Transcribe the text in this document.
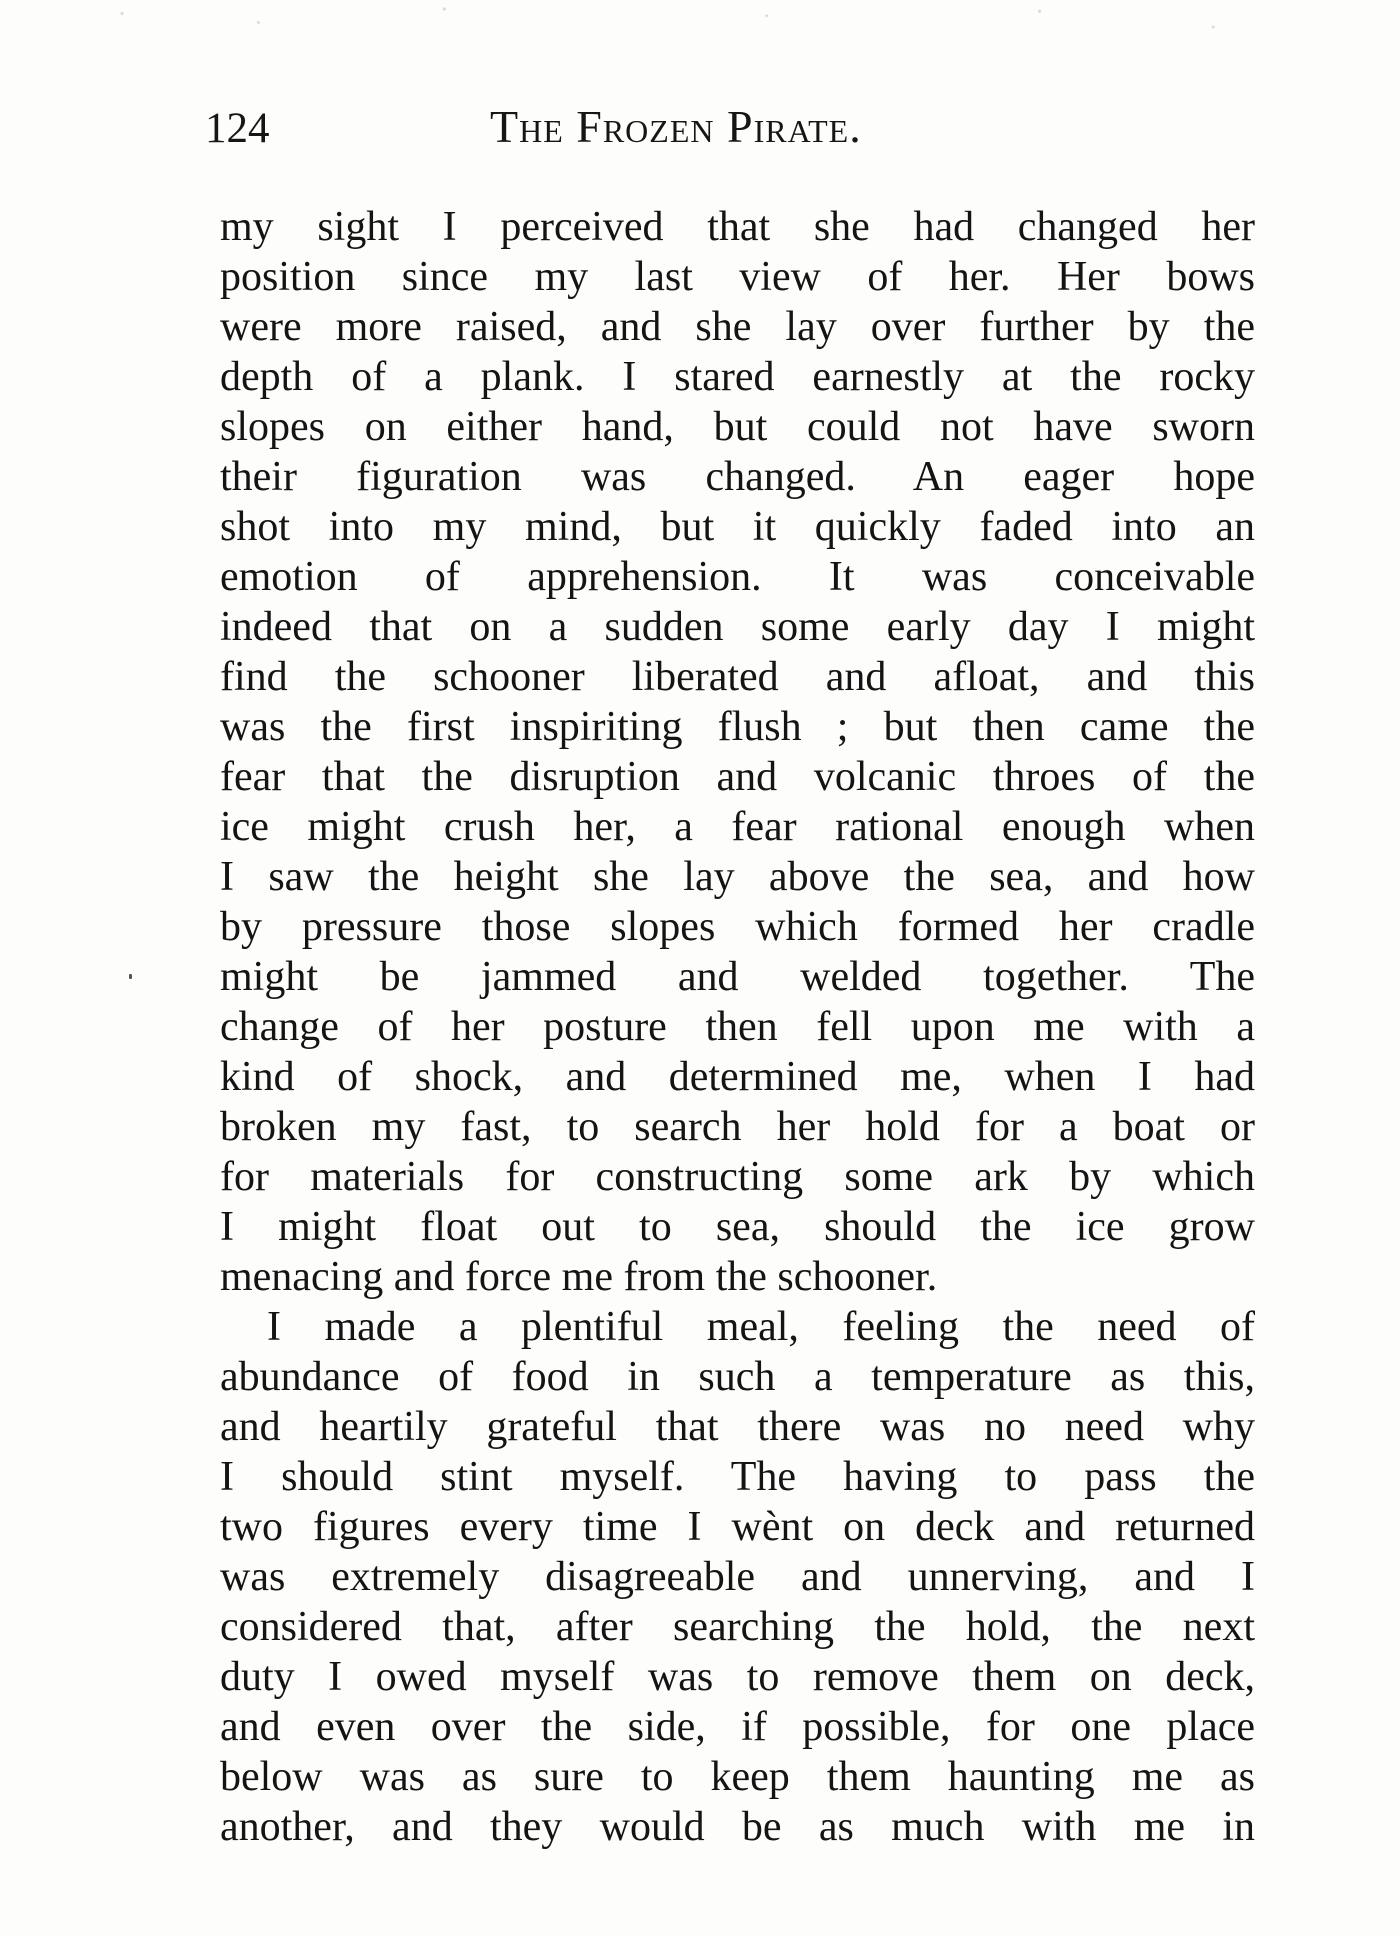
124	The Frozen Pirate.
my sight I perceived that she had changed her
position since my last view of her. Her bows
were more raised, and she lay over further by the
depth of a plank. I stared earnestly at the rocky
slopes on either hand, but could not have sworn
their figuration was changed. An eager hope
shot into my mind, but it quickly faded into an
emotion of apprehension. It was conceivable
indeed that on a sudden some early day I might
find the schooner liberated and afloat, and this
was the first inspiriting flush ; but then came the
fear that the disruption and volcanic throes of the
ice might crush her, a fear rational enough when
I saw the height she lay above the sea, and how
by pressure those slopes which formed her cradle
might be jammed and welded together. The
change of her posture then fell upon me with a
kind of shock, and determined me, when I had
broken my fast, to search her hold for a boat or
for materials for constructing some ark by which
I might float out to sea, should the ice grow
menacing and force me from the schooner.
I made a plentiful meal, feeling the need of
abundance of food in such a temperature as this,
and heartily grateful that there was no need why
I should stint myself. The having to pass the
two figures every time I wènt on deck and returned
was extremely disagreeable and unnerving, and I
considered that, after searching the hold, the next
duty I owed myself was to remove them on deck,
and even over the side, if possible, for one place
below was as sure to keep them haunting me as
another, and they would be as much with me in
